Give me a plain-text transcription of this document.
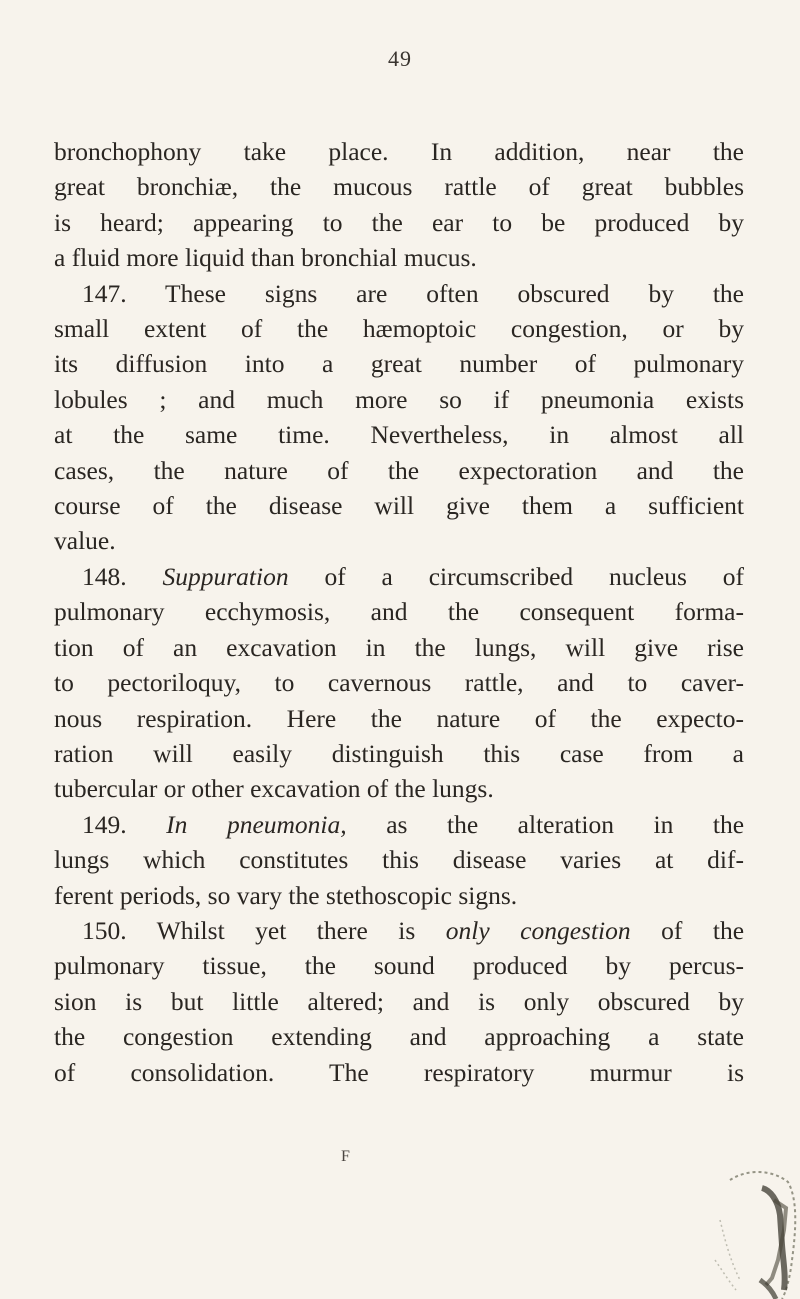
49
bronchophony take place. In addition, near the
great bronchiæ, the mucous rattle of great bubbles
is heard; appearing to the ear to be produced by
a fluid more liquid than bronchial mucus.
147. These signs are often obscured by the
small extent of the hæmoptoic congestion, or by
its diffusion into a great number of pulmonary
lobules ; and much more so if pneumonia exists
at the same time. Nevertheless, in almost all
cases, the nature of the expectoration and the
course of the disease will give them a sufficient
value.
148. Suppuration of a circumscribed nucleus of
pulmonary ecchymosis, and the consequent forma-
tion of an excavation in the lungs, will give rise
to pectoriloquy, to cavernous rattle, and to caver-
nous respiration. Here the nature of the expecto-
ration will easily distinguish this case from a
tubercular or other excavation of the lungs.
149. In pneumonia, as the alteration in the
lungs which constitutes this disease varies at dif-
ferent periods, so vary the stethoscopic signs.
150. Whilst yet there is only congestion of the
pulmonary tissue, the sound produced by percus-
sion is but little altered; and is only obscured by
the congestion extending and approaching a state
of consolidation. The respiratory murmur is
F
